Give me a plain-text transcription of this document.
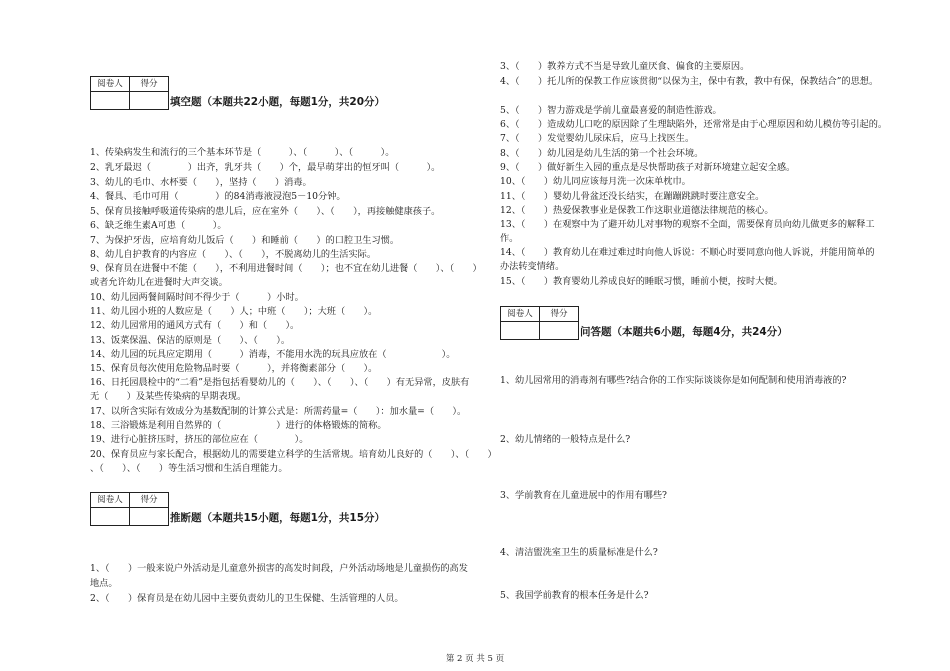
阅卷人	得分

填空题（本题共22小题，每题1分，共20分）
1、传染病发生和流行的三个基本环节是（　　　）、（　　　）、（　　　）。
2、乳牙最迟（　　　　）出齐，乳牙共（　　）个，最早萌芽出的恒牙叫（　　　）。
3、幼儿的毛巾、水杯要（　　），坚持（　　）消毒。
4、餐具、毛巾可用（　　　　）的84消毒液浸泡5－10分钟。
5、保育员接触呼吸道传染病的患儿后，应在室外（　　）、（　　），再接触健康孩子。
6、缺乏维生素A可患（　　　）。
7、为保护牙齿，应培育幼儿饭后（　　）和睡前（　　）的口腔卫生习惯。
8、幼儿自护教育的内容应（　　）、（　　），不脱离幼儿的生活实际。
9、保育员在进餐中不能（　　），不利用进餐时间（　　）；也不宜在幼儿进餐（　　）、（　　）
或者允许幼儿在进餐时大声交谈。
10、幼儿园两餐间隔时间不得少于（　　　）小时。
11、幼儿园小班的人数应是（　　）人；中班（　　）；大班（　　）。
12、幼儿园常用的通风方式有（　　）和（　　）。
13、饭菜保温、保洁的原则是（　　）、（　　）。
14、幼儿园的玩具应定期用（　　　）消毒，不能用水洗的玩具应放在（　　　　　　）。
15、保育员每次使用危险物品时要（　　　），并将衡素部分（　　）。
16、日托园晨检中的“二看”是指包括看婴幼儿的（　　）、（　　）、（　　）有无异常，皮肤有
无（　　）及某些传染病的早期表现。
17、以所含实际有效成分为基数配制的计算公式是：所需药量=（　　）：加水量=（　　）。
18、三浴锻炼是利用自然界的（　　　　　　）进行的体格锻炼的简称。
19、进行心脏挤压时，挤压的部位应在（　　　　）。
20、保育员应与家长配合，根据幼儿的需要建立科学的生活常规。培育幼儿良好的（　　）、（　　）
、（　　）、（　　）等生活习惯和生活自理能力。
阅卷人	得分

推断题（本题共15小题，每题1分，共15分）
1、（　　）一般来说户外活动是儿童意外损害的高发时间段，户外活动场地是儿童损伤的高发
地点。
2、（　　）保育员是在幼儿园中主要负责幼儿的卫生保健、生活管理的人员。
3、（　　）教养方式不当是导致儿童厌食、偏食的主要原因。
4、（　　）托儿所的保教工作应该贯彻“以保为主，保中有教，教中有保，保教结合”的思想。
5、（　　）智力游戏是学前儿童最喜爱的制造性游戏。
6、（　　）造成幼儿口吃的原因除了生理缺陷外，还常常是由于心理原因和幼儿模仿等引起的。
7、（　　）发觉婴幼儿尿床后，应马上找医生。
8、（　　）幼儿园是幼儿生活的第一个社会环境。
9、（　　）做好新生入园的重点是尽快帮助孩子对新环境建立起安全感。
10、（　　）幼儿同应该每月洗一次床单枕巾。
11、（　　）婴幼儿骨盆还没长结实，在蹦蹦跳跳时要注意安全。
12、（　　）热爱保教事业是保教工作这职业道德法律规范的核心。
13、（　　）在观察中为了避开幼儿对事物的观察不全面，需要保育员向幼儿做更多的解释工
作。
14、（　　）教育幼儿在难过难过时向他人诉说：不顺心时要同意向他人诉说，并能用简单的
办法转变情绪。
15、（　　）教育婴幼儿养成良好的睡眠习惯，睡前小便，按时大便。
阅卷人	得分

问答题（本题共6小题，每题4分，共24分）
1、幼儿园常用的消毒剂有哪些?结合你的工作实际谈谈你是如何配制和使用消毒液的?
2、幼儿情绪的一般特点是什么?
3、学前教育在儿童进展中的作用有哪些?
4、清洁盥洗室卫生的质量标准是什么?
5、我国学前教育的根本任务是什么?
第 2 页 共 5 页
